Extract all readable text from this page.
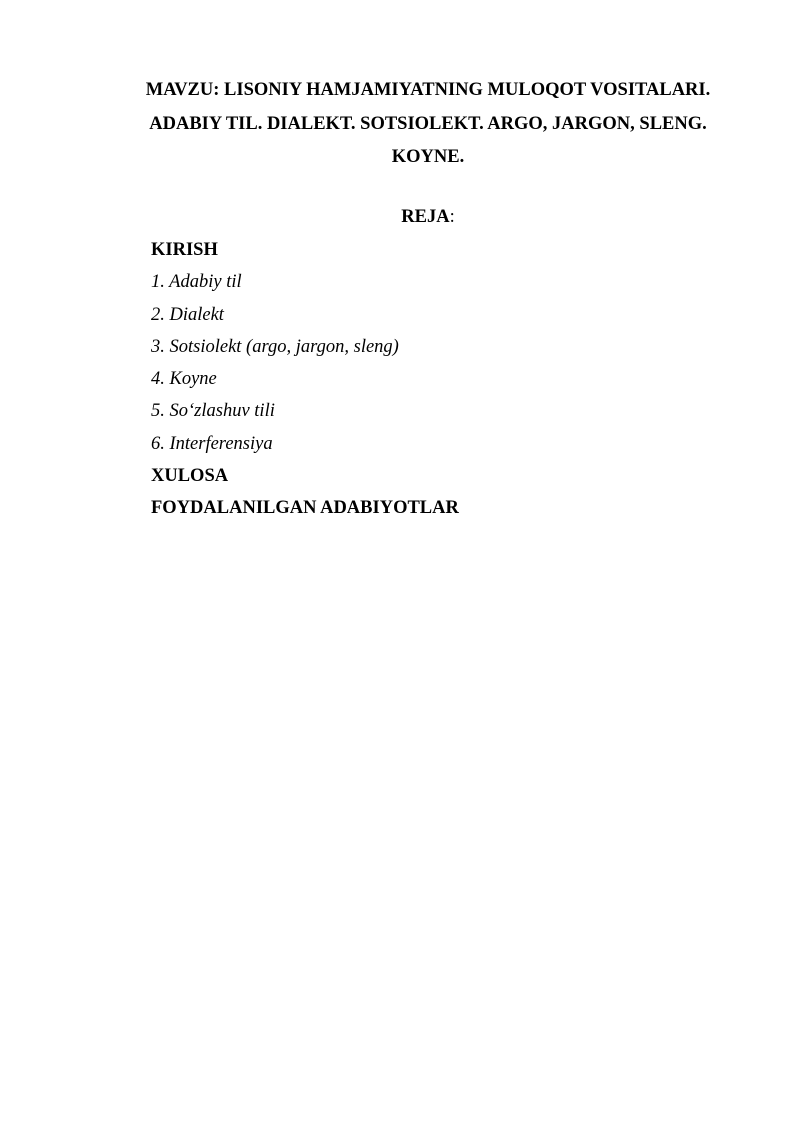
MAVZU: LISONIY HAMJAMIYATNING MULOQOT VOSITALARI.
ADABIY TIL. DIALEKT. SOTSIOLEKT. ARGO, JARGON, SLENG.
KOYNE.
REJA:
KIRISH
1. Adabiy til
2. Dialekt
3. Sotsiolekt (argo, jargon, sleng)
4. Koyne
5. So‘zlashuv tili
6. Interferensiya
XULOSA
FOYDALANILGAN ADABIYOTLAR
